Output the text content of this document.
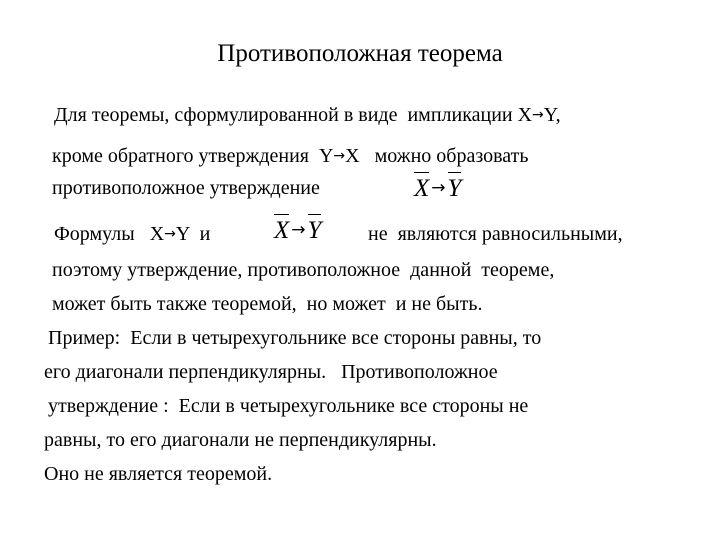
Противоположная теорема
Для теоремы, сформулированной в виде  импликации X→Y,
кроме обратного утверждения  Y→X   можно образовать
противоположное утверждение	X →Y
Формулы   X→Y  и	X →Y не  являются равносильными,
поэтому утверждение, противоположное  данной  теореме,
может быть также теоремой,  но может  и не быть.
Пример:  Если в четырехугольнике все стороны равны, то
его диагонали перпендикулярны.   Противоположное
утверждение :  Если в четырехугольнике все стороны не
равны, то его диагонали не перпендикулярны.
Оно не является теоремой.
